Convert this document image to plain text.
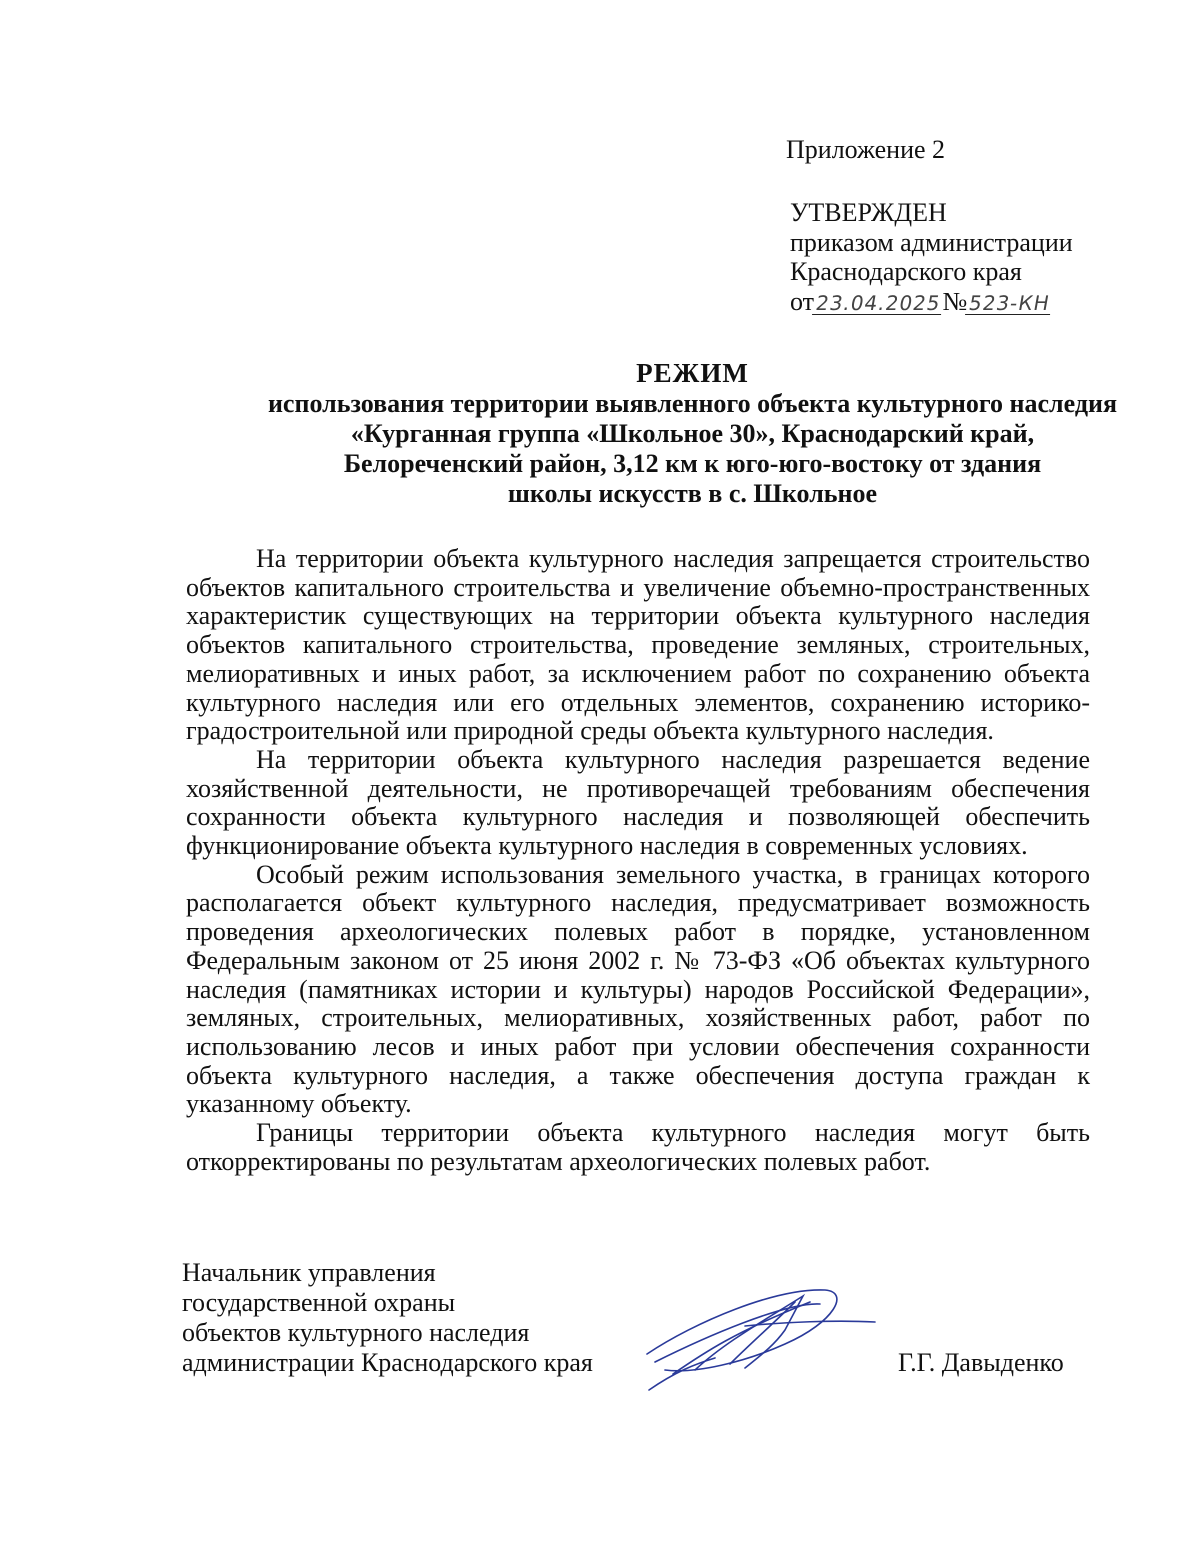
Приложение 2
УТВЕРЖДЕН
приказом администрации
Краснодарского края
от23.04.2025№523-КН
РЕЖИМ
использования территории выявленного объекта культурного наследия
«Курганная группа «Школьное 30», Краснодарский край,
Белореченский район, 3,12 км к юго-юго-востоку от здания
школы искусств в с. Школьное

На территории объекта культурного наследия запрещается строительство объектов капитального строительства и увеличение объемно-пространственных характеристик существующих на территории объекта культурного наследия объектов капитального строительства, проведение земляных, строительных, мелиоративных и иных работ, за исключением работ по сохранению объекта культурного наследия или его отдельных элементов, сохранению историко-градостроительной или природной среды объекта культурного наследия.

На территории объекта культурного наследия разрешается ведение хозяйственной деятельности, не противоречащей требованиям обеспечения сохранности объекта культурного наследия и позволяющей обеспечить функционирование объекта культурного наследия в современных условиях.

Особый режим использования земельного участка, в границах которого располагается объект культурного наследия, предусматривает возможность проведения археологических полевых работ в порядке, установленном Федеральным законом от 25 июня 2002 г. № 73-ФЗ «Об объектах культурного наследия (памятниках истории и культуры) народов Российской Федерации», земляных, строительных, мелиоративных, хозяйственных работ, работ по использованию лесов и иных работ при условии обеспечения сохранности объекта культурного наследия, а также обеспечения доступа граждан к указанному объекту.

Границы территории объекта культурного наследия могут быть откорректированы по результатам археологических полевых работ.

Начальник управления
государственной охраны
объектов культурного наследия
администрации Краснодарского края	Г.Г. Давыденко
